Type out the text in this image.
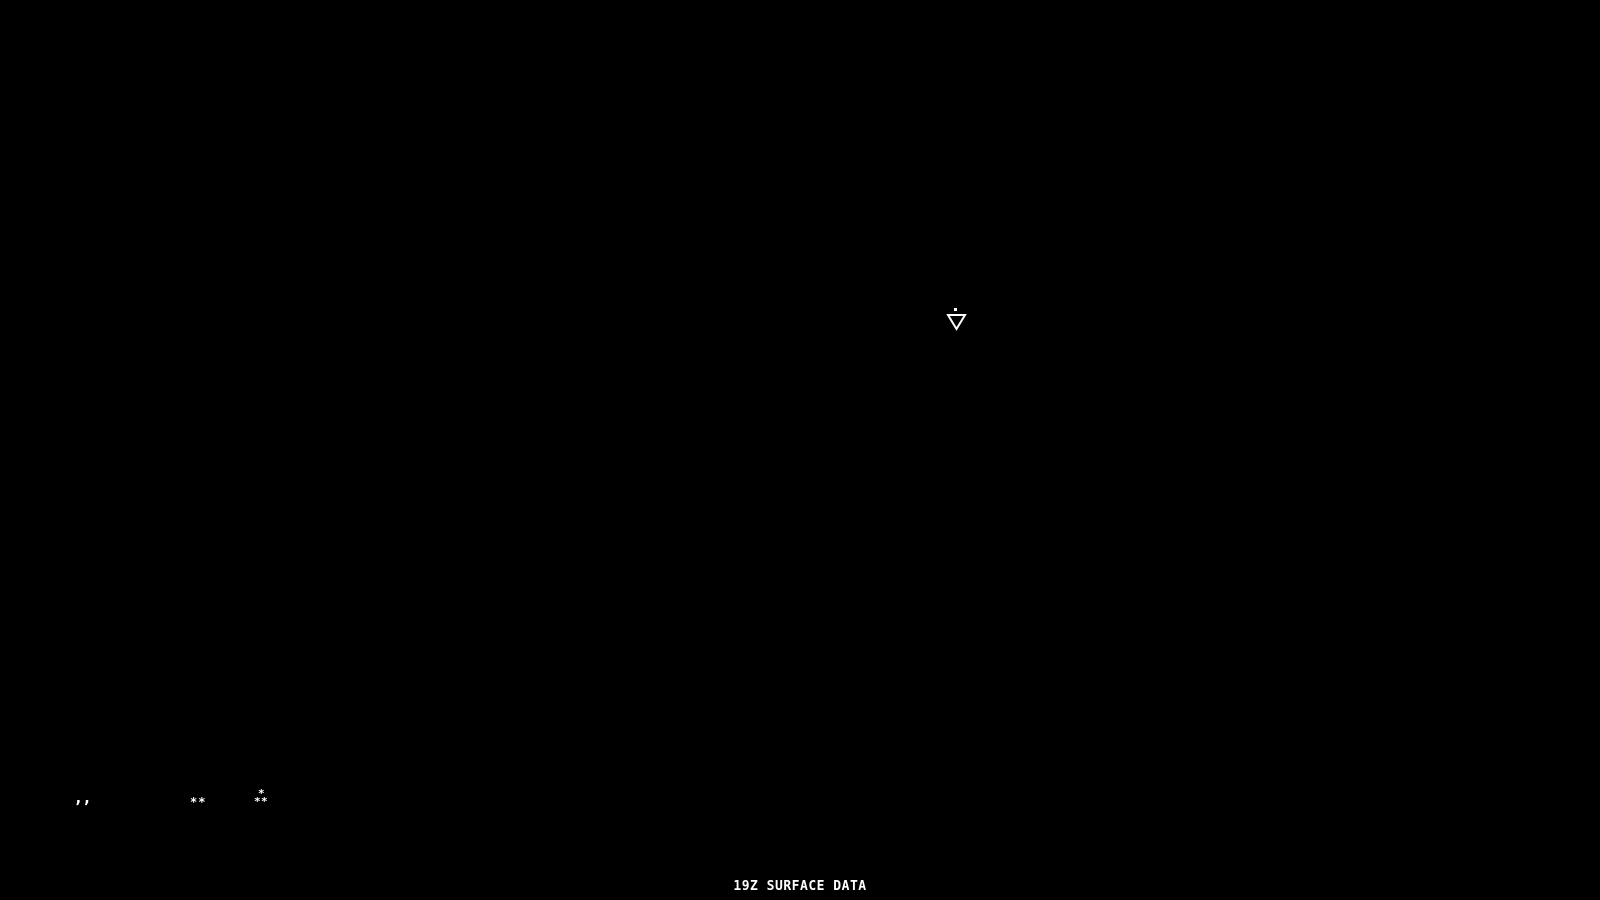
’’	**
*
* *
19Z SURFACE DATA
